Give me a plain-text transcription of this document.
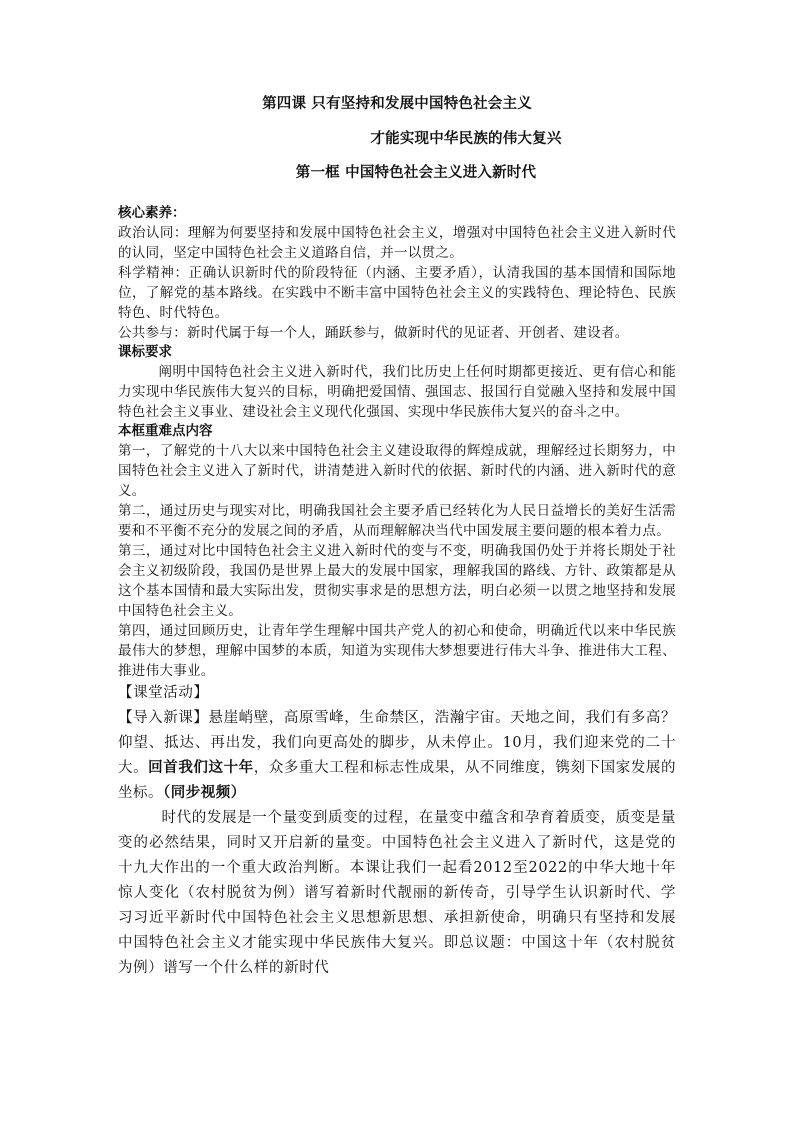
第四课 只有坚持和发展中国特色社会主义

才能实现中华民族的伟大复兴

第一框 中国特色社会主义进入新时代

核心素养：

政治认同：理解为何要坚持和发展中国特色社会主义，增强对中国特色社会主义进入新时代的认同，坚定中国特色社会主义道路自信，并一以贯之。

科学精神：正确认识新时代的阶段特征（内涵、主要矛盾），认清我国的基本国情和国际地位，了解党的基本路线。在实践中不断丰富中国特色社会主义的实践特色、理论特色、民族特色、时代特色。

公共参与：新时代属于每一个人，踊跃参与，做新时代的见证者、开创者、建设者。

课标要求

阐明中国特色社会主义进入新时代，我们比历史上任何时期都更接近、更有信心和能力实现中华民族伟大复兴的目标，明确把爱国情、强国志、报国行自觉融入坚持和发展中国特色社会主义事业、建设社会主义现代化强国、实现中华民族伟大复兴的奋斗之中。

本框重难点内容

第一，了解党的十八大以来中国特色社会主义建设取得的辉煌成就，理解经过长期努力，中国特色社会主义进入了新时代，讲清楚进入新时代的依据、新时代的内涵、进入新时代的意义。

第二，通过历史与现实对比，明确我国社会主要矛盾已经转化为人民日益增长的美好生活需要和不平衡不充分的发展之间的矛盾，从而理解解决当代中国发展主要问题的根本着力点。

第三，通过对比中国特色社会主义进入新时代的变与不变，明确我国仍处于并将长期处于社会主义初级阶段，我国仍是世界上最大的发展中国家，理解我国的路线、方针、政策都是从这个基本国情和最大实际出发，贯彻实事求是的思想方法，明白必须一以贯之地坚持和发展中国特色社会主义。

第四，通过回顾历史，让青年学生理解中国共产党人的初心和使命，明确近代以来中华民族最伟大的梦想，理解中国梦的本质，知道为实现伟大梦想要进行伟大斗争、推进伟大工程、推进伟大事业。

【课堂活动】

【导入新课】悬崖峭壁，高原雪峰，生命禁区，浩瀚宇宙。天地之间，我们有多高？仰望、抵达、再出发，我们向更高处的脚步，从未停止。10月，我们迎来党的二十大。回首我们这十年，众多重大工程和标志性成果，从不同维度，镌刻下国家发展的坐标。（同步视频）

时代的发展是一个量变到质变的过程，在量变中蕴含和孕育着质变，质变是量变的必然结果，同时又开启新的量变。中国特色社会主义进入了新时代，这是党的十九大作出的一个重大政治判断。本课让我们一起看2012至2022的中华大地十年惊人变化（农村脱贫为例）谱写着新时代靓丽的新传奇，引导学生认识新时代、学习习近平新时代中国特色社会主义思想新思想、承担新使命，明确只有坚持和发展中国特色社会主义才能实现中华民族伟大复兴。即总议题：中国这十年（农村脱贫为例）谱写一个什么样的新时代
